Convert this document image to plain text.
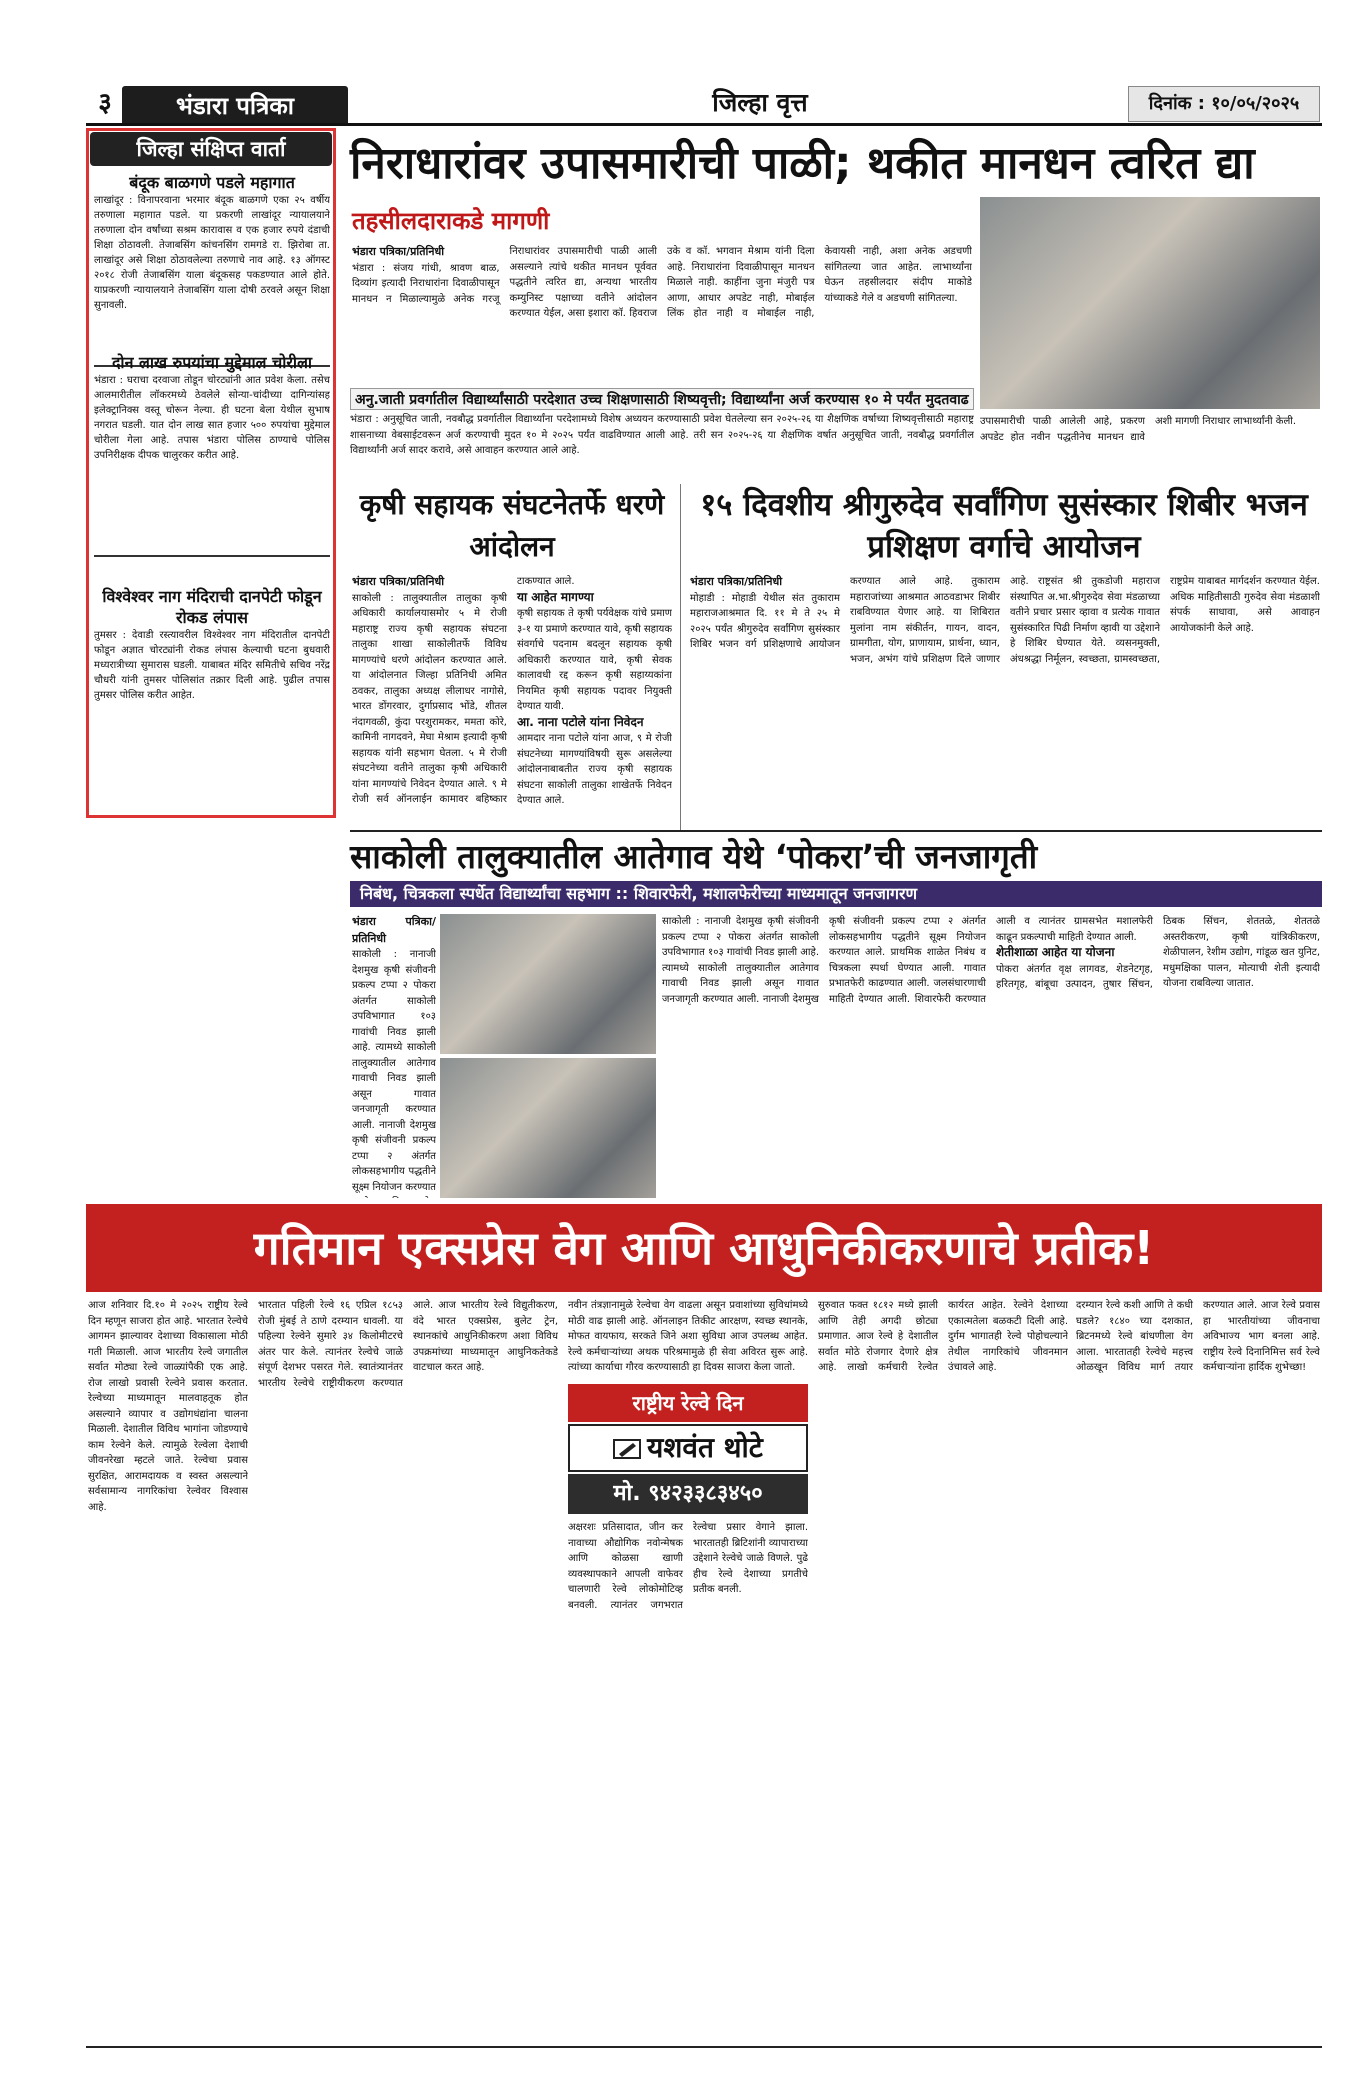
३	भंडारा पत्रिका	जिल्हा वृत्त	दिनांक : १०/०५/२०२५
जिल्हा संक्षिप्त वार्ता
बंदूक बाळगणे पडले महागात
लाखांदूर : विनापरवाना भरमार बंदूक बाळगणे एका २५ वर्षीय तरुणाला महागात पडले. या प्रकरणी लाखांदूर न्यायालयाने तरुणाला दोन वर्षांच्या सश्रम कारावास व एक हजार रुपये दंडाची शिक्षा ठोठावली. तेजाबसिंग कांचनसिंग रामगडे रा. झिरोबा ता. लाखांदूर असे शिक्षा ठोठावलेल्या तरुणाचे नाव आहे. १३ ऑगस्ट २०१८ रोजी तेजाबसिंग याला बंदूकसह पकडण्यात आले होते. याप्रकरणी न्यायालयाने तेजाबसिंग याला दोषी ठरवले असून शिक्षा सुनावली.
दोन लाख रुपयांचा मुद्देमाल चोरीला
भंडारा : घराचा दरवाजा तोडून चोरट्यांनी आत प्रवेश केला. तसेच आलमारीतील लॉकरमध्ये ठेवलेले सोन्या-चांदीच्या दागिन्यांसह इलेक्ट्रानिक्स वस्तू चोरून नेल्या. ही घटना बेला येथील सुभाष नगरात घडली. यात दोन लाख सात हजार ५०० रुपयांचा मुद्देमाल चोरीला गेला आहे. तपास भंडारा पोलिस ठाण्याचे पोलिस उपनिरीक्षक दीपक चालुरकर करीत आहे.
विश्वेश्वर नाग मंदिराची दानपेटी फोडून रोकड लंपास
तुमसर : देवाडी रस्त्यावरील विश्वेश्वर नाग मंदिरातील दानपेटी फोडून अज्ञात चोरट्यांनी रोकड लंपास केल्याची घटना बुधवारी मध्यरात्रीच्या सुमारास घडली. याबाबत मंदिर समितीचे सचिव नरेंद्र चौधरी यांनी तुमसर पोलिसांत तक्रार दिली आहे. पुढील तपास तुमसर पोलिस करीत आहेत.
निराधारांवर उपासमारीची पाळी; थकीत मानधन त्वरित द्या
तहसीलदाराकडे मागणी
भंडारा पत्रिका/प्रतिनिधी
भंडारा : संजय गांधी, श्रावण बाळ, दिव्यांग इत्यादी निराधारांना दिवाळीपासून मानधन न मिळाल्यामुळे अनेक गरजू निराधारांवर उपासमारीची पाळी आली असल्याने त्यांचे थकीत मानधन पूर्ववत पद्धतीने त्वरित द्या, अन्यथा भारतीय कम्युनिस्ट पक्षाच्या वतीने आंदोलन करण्यात येईल, असा इशारा कॉ. हिवराज उके व कॉ. भगवान मेश्राम यांनी दिला आहे. निराधारांना दिवाळीपासून मानधन मिळाले नाही. काहींना जुना मंजुरी पत्र आणा, आधार अपडेट नाही, मोबाईल लिंक होत नाही व मोबाईल नाही, केवायसी नाही, अशा अनेक अडचणी सांगितल्या जात आहेत. लाभार्थ्यांना घेऊन तहसीलदार संदीप माकोडे यांच्याकडे गेले व अडचणी सांगितल्या.
उपासमारीची पाळी आलेली आहे, प्रकरण अपडेट होत नवीन पद्धतीनेच मानधन द्यावे अशी मागणी निराधार लाभार्थ्यांनी केली.
अनु.जाती प्रवर्गातील विद्यार्थ्यांसाठी परदेशात उच्च शिक्षणासाठी शिष्यवृत्ती; विद्यार्थ्यांना अर्ज करण्यास १० मे पर्यंत मुदतवाढ
भंडारा : अनुसूचित जाती, नवबौद्ध प्रवर्गातील विद्यार्थ्यांना परदेशामध्ये विशेष अध्ययन करण्यासाठी प्रवेश घेतलेल्या सन २०२५-२६ या शैक्षणिक वर्षाच्या शिष्यवृत्तीसाठी महाराष्ट्र शासनाच्या वेबसाईटवरून अर्ज करण्याची मुदत १० मे २०२५ पर्यंत वाढविण्यात आली आहे. तरी सन २०२५-२६ या शैक्षणिक वर्षात अनुसूचित जाती, नवबौद्ध प्रवर्गातील विद्यार्थ्यांनी अर्ज सादर करावे, असे आवाहन करण्यात आले आहे.
कृषी सहायक संघटनेतर्फे धरणे आंदोलन
भंडारा पत्रिका/प्रतिनिधी
साकोली : तालुक्यातील तालुका कृषी अधिकारी कार्यालयासमोर ५ मे रोजी महाराष्ट्र राज्य कृषी सहायक संघटना तालुका शाखा साकोलीतर्फे विविध मागण्यांचे धरणे आंदोलन करण्यात आले. या आंदोलनात जिल्हा प्रतिनिधी अमित ठवकर, तालुका अध्यक्ष लीलाधर नागोसे, भारत डोंगरवार, दुर्गाप्रसाद भोंडे, शीतल नंदागवळी, कुंदा परशुरामकर, ममता कोरे, कामिनी नागदवने, मेघा मेश्राम इत्यादी कृषी सहायक यांनी सहभाग घेतला. ५ मे रोजी संघटनेच्या वतीने तालुका कृषी अधिकारी यांना मागण्यांचे निवेदन देण्यात आले. ९ मे रोजी सर्व ऑनलाईन कामावर बहिष्कार टाकण्यात आले.
या आहेत मागण्या
कृषी सहायक ते कृषी पर्यवेक्षक यांचे प्रमाण ३-१ या प्रमाणे करण्यात यावे, कृषी सहायक संवर्गाचे पदनाम बदलून सहायक कृषी अधिकारी करण्यात यावे, कृषी सेवक कालावधी रद्द करून कृषी सहाय्यकांना नियमित कृषी सहायक पदावर नियुक्ती देण्यात यावी.
आ. नाना पटोले यांना निवेदन
आमदार नाना पटोले यांना आज, ९ मे रोजी संघटनेच्या मागण्यांविषयी सुरू असलेल्या आंदोलनाबाबतीत राज्य कृषी सहायक संघटना साकोली तालुका शाखेतर्फे निवेदन देण्यात आले.
१५ दिवशीय श्रीगुरुदेव सर्वांगिण सुसंस्कार शिबीर भजन प्रशिक्षण वर्गाचे आयोजन
भंडारा पत्रिका/प्रतिनिधी
मोहाडी : मोहाडी येथील संत तुकाराम महाराजआश्रमात दि. ११ मे ते २५ मे २०२५ पर्यंत श्रीगुरुदेव सर्वांगिण सुसंस्कार शिबिर भजन वर्ग प्रशिक्षणाचे आयोजन करण्यात आले आहे. तुकाराम महाराजांच्या आश्रमात आठवडाभर शिबीर राबविण्यात येणार आहे. या शिबिरात मुलांना नाम संकीर्तन, गायन, वादन, ग्रामगीता, योग, प्राणायाम, प्रार्थना, ध्यान, भजन, अभंग यांचे प्रशिक्षण दिले जाणार आहे. राष्ट्रसंत श्री तुकडोजी महाराज संस्थापित अ.भा.श्रीगुरुदेव सेवा मंडळाच्या वतीने प्रचार प्रसार व्हावा व प्रत्येक गावात सुसंस्कारित पिढी निर्माण व्हावी या उद्देशाने हे शिबिर घेण्यात येते. व्यसनमुक्ती, अंधश्रद्धा निर्मूलन, स्वच्छता, ग्रामस्वच्छता, राष्ट्रप्रेम याबाबत मार्गदर्शन करण्यात येईल. अधिक माहितीसाठी गुरुदेव सेवा मंडळाशी संपर्क साधावा, असे आवाहन आयोजकांनी केले आहे.
साकोली तालुक्यातील आतेगाव येथे ‘पोकरा’ची जनजागृती
निबंध, चित्रकला स्पर्धेत विद्यार्थ्यांचा सहभाग :: शिवारफेरी, मशालफेरीच्या माध्यमातून जनजागरण
भंडारा पत्रिका/प्रतिनिधी
साकोली : नानाजी देशमुख कृषी संजीवनी प्रकल्प टप्पा २ पोकरा अंतर्गत साकोली उपविभागात १०३ गावांची निवड झाली आहे. त्यामध्ये साकोली तालुक्यातील आतेगाव गावाची निवड झाली असून गावात जनजागृती करण्यात आली. नानाजी देशमुख कृषी संजीवनी प्रकल्प टप्पा २ अंतर्गत लोकसहभागीय पद्धतीने सूक्ष्म नियोजन करण्यात
साकोली : नानाजी देशमुख कृषी संजीवनी प्रकल्प टप्पा २ पोकरा अंतर्गत साकोली उपविभागात १०३ गावांची निवड झाली आहे. त्यामध्ये साकोली तालुक्यातील आतेगाव गावाची निवड झाली असून गावात जनजागृती करण्यात आली. नानाजी देशमुख कृषी संजीवनी प्रकल्प टप्पा २ अंतर्गत लोकसहभागीय पद्धतीने सूक्ष्म नियोजन करण्यात आले. प्राथमिक शाळेत निबंध व चित्रकला स्पर्धा घेण्यात आली. गावात प्रभातफेरी काढण्यात आली. जलसंधारणाची माहिती देण्यात आली. शिवारफेरी करण्यात आली व त्यानंतर ग्रामसभेत मशालफेरी काढून प्रकल्पाची माहिती देण्यात आली.
शेतीशाळा आहेत या योजना
पोकरा अंतर्गत वृक्ष लागवड, शेडनेटगृह, हरितगृह, बांबूचा उत्पादन, तुषार सिंचन, ठिबक सिंचन, शेततळे, शेततळे अस्तरीकरण, कृषी यांत्रिकीकरण, शेळीपालन, रेशीम उद्योग, गांडूळ खत युनिट, मधुमक्षिका पालन, मोत्याची शेती इत्यादी योजना राबविल्या जातात.
गतिमान एक्सप्रेस वेग आणि आधुनिकीकरणाचे प्रतीक!
आज शनिवार दि.१० मे २०२५ राष्ट्रीय रेल्वे दिन म्हणून साजरा होत आहे. भारतात रेल्वेचे आगमन झाल्यावर देशाच्या विकासाला मोठी गती मिळाली. आज भारतीय रेल्वे जगातील सर्वात मोठ्या रेल्वे जाळ्यांपैकी एक आहे. रोज लाखो प्रवासी रेल्वेने प्रवास करतात. रेल्वेच्या माध्यमातून मालवाहतूक होत असल्याने व्यापार व उद्योगधंद्यांना चालना मिळाली. देशातील विविध भागांना जोडण्याचे काम रेल्वेने केले. त्यामुळे रेल्वेला देशाची जीवनरेखा म्हटले जाते. रेल्वेचा प्रवास सुरक्षित, आरामदायक व स्वस्त असल्याने सर्वसामान्य नागरिकांचा रेल्वेवर विश्वास आहे.
भारतात पहिली रेल्वे १६ एप्रिल १८५३ रोजी मुंबई ते ठाणे दरम्यान धावली. या पहिल्या रेल्वेने सुमारे ३४ किलोमीटरचे अंतर पार केले. त्यानंतर रेल्वेचे जाळे संपूर्ण देशभर पसरत गेले. स्वातंत्र्यानंतर भारतीय रेल्वेचे राष्ट्रीयीकरण करण्यात आले. आज भारतीय रेल्वे विद्युतीकरण, वंदे भारत एक्सप्रेस, बुलेट ट्रेन, स्थानकांचे आधुनिकीकरण अशा विविध उपक्रमांच्या माध्यमातून आधुनिकतेकडे वाटचाल करत आहे.
नवीन तंत्रज्ञानामुळे रेल्वेचा वेग वाढला असून प्रवाशांच्या सुविधांमध्ये मोठी वाढ झाली आहे. ऑनलाइन तिकीट आरक्षण, स्वच्छ स्थानके, मोफत वायफाय, सरकते जिने अशा सुविधा आज उपलब्ध आहेत. रेल्वे कर्मचाऱ्यांच्या अथक परिश्रमामुळे ही सेवा अविरत सुरू आहे. त्यांच्या कार्याचा गौरव करण्यासाठी हा दिवस साजरा केला जातो.
राष्ट्रीय रेल्वे दिन
यशवंत थोटे
मो. ९४२३३८३४५०
अक्षरशः प्रतिसादात, जीन कर नावाच्या औद्योगिक नवोन्मेषक आणि कोळसा खाणी व्यवस्थापकाने आपली वाफेवर चालणारी रेल्वे लोकोमोटिव्ह बनवली. त्यानंतर जगभरात रेल्वेचा प्रसार वेगाने झाला. भारतातही ब्रिटिशांनी व्यापाराच्या उद्देशाने रेल्वेचे जाळे विणले. पुढे हीच रेल्वे देशाच्या प्रगतीचे प्रतीक बनली.
सुरुवात फक्त १८१२ मध्ये झाली आणि तेही अगदी छोट्या प्रमाणात. आज रेल्वे हे देशातील सर्वात मोठे रोजगार देणारे क्षेत्र आहे. लाखो कर्मचारी रेल्वेत कार्यरत आहेत. रेल्वेने देशाच्या एकात्मतेला बळकटी दिली आहे. दुर्गम भागातही रेल्वे पोहोचल्याने तेथील नागरिकांचे जीवनमान उंचावले आहे.
दरम्यान रेल्वे कशी आणि ते कधी घडले? १८४० च्या दशकात, ब्रिटनमध्ये रेल्वे बांधणीला वेग आला. भारतातही रेल्वेचे महत्त्व ओळखून विविध मार्ग तयार करण्यात आले. आज रेल्वे प्रवास हा भारतीयांच्या जीवनाचा अविभाज्य भाग बनला आहे. राष्ट्रीय रेल्वे दिनानिमित्त सर्व रेल्वे कर्मचाऱ्यांना हार्दिक शुभेच्छा!
